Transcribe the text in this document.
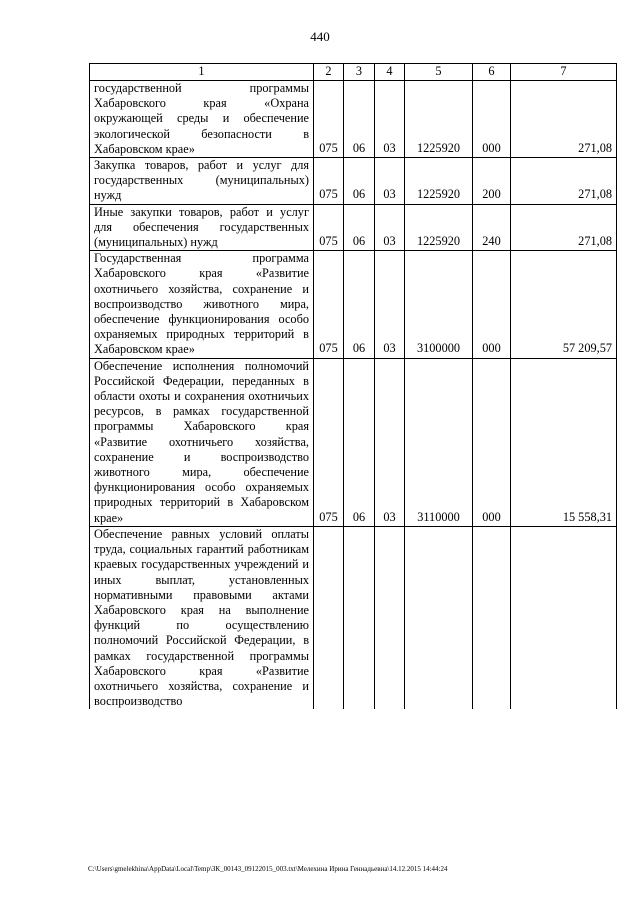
440
1	2	3	4	5	6	7
государственной программы Хабаровского края «Охрана окружающей среды и обеспечение экологической безопасности в Хабаровском крае»	075	06	03	1225920	000	271,08
Закупка товаров, работ и услуг для государственных (муниципальных) нужд	075	06	03	1225920	200	271,08
Иные закупки товаров, работ и услуг для обеспечения государственных (муниципальных) нужд	075	06	03	1225920	240	271,08
Государственная программа Хабаровского края «Развитие охотничьего хозяйства, сохранение и воспроизводство животного мира, обеспечение функционирования особо охраняемых природных территорий в Хабаровском крае»	075	06	03	3100000	000	57 209,57
Обеспечение исполнения полномочий Российской Федерации, переданных в области охоты и сохранения охотничьих ресурсов, в рамках государственной программы Хабаровского края «Развитие охотничьего хозяйства, сохранение и воспроизводство животного мира, обеспечение функционирования особо охраняемых природных территорий в Хабаровском крае»	075	06	03	3110000	000	15 558,31
Обеспечение равных условий оплаты труда, социальных гарантий работникам краевых государственных учреждений и иных выплат, установленных нормативными правовыми актами Хабаровского края на выполнение функций по осуществлению полномочий Российской Федерации, в рамках государственной программы Хабаровского края «Развитие охотничьего хозяйства, сохранение и воспроизводство						
C:\Users\gmelekhina\AppData\Local\Temp\ЗК_00143_09122015_003.txt\Мелехина Ирина Геннадьевна\14.12.2015 14:44:24
